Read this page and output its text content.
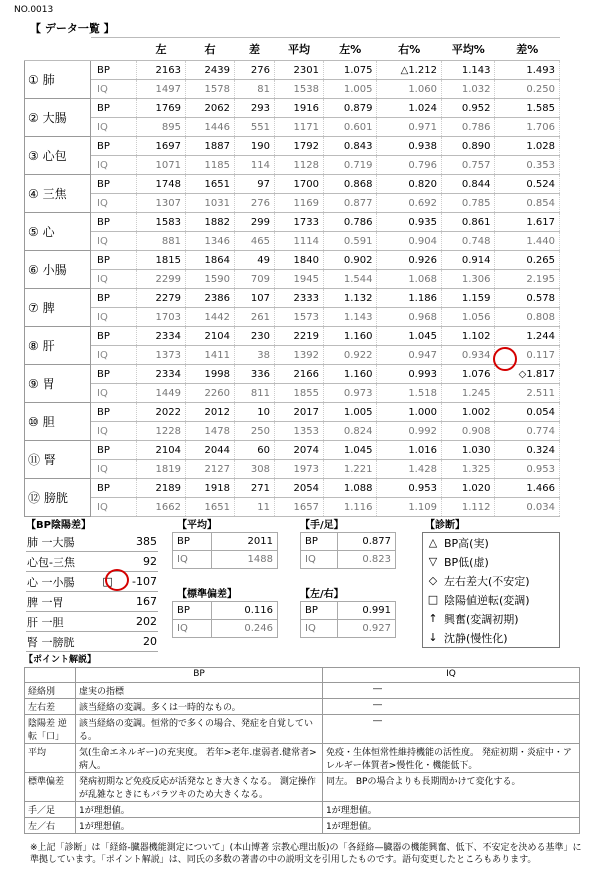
NO.0013
【 データ一覧 】
		左	右	差	平均	左%	右%	平均%	差%
① 肺	BP	2163	2439	276	2301	1.075	△1.212	1.143	1.493
	IQ	1497	1578	81	1538	1.005	1.060	1.032	0.250
② 大腸	BP	1769	2062	293	1916	0.879	1.024	0.952	1.585
	IQ	895	1446	551	1171	0.601	0.971	0.786	1.706
③ 心包	BP	1697	1887	190	1792	0.843	0.938	0.890	1.028
	IQ	1071	1185	114	1128	0.719	0.796	0.757	0.353
④ 三焦	BP	1748	1651	97	1700	0.868	0.820	0.844	0.524
	IQ	1307	1031	276	1169	0.877	0.692	0.785	0.854
⑤ 心	BP	1583	1882	299	1733	0.786	0.935	0.861	1.617
	IQ	881	1346	465	1114	0.591	0.904	0.748	1.440
⑥ 小腸	BP	1815	1864	49	1840	0.902	0.926	0.914	0.265
	IQ	2299	1590	709	1945	1.544	1.068	1.306	2.195
⑦ 脾	BP	2279	2386	107	2333	1.132	1.186	1.159	0.578
	IQ	1703	1442	261	1573	1.143	0.968	1.056	0.808
⑧ 肝	BP	2334	2104	230	2219	1.160	1.045	1.102	1.244
	IQ	1373	1411	38	1392	0.922	0.947	0.934	0.117
⑨ 胃	BP	2334	1998	336	2166	1.160	0.993	1.076	◇1.817
	IQ	1449	2260	811	1855	0.973	1.518	1.245	2.511
⑩ 胆	BP	2022	2012	10	2017	1.005	1.000	1.002	0.054
	IQ	1228	1478	250	1353	0.824	0.992	0.908	0.774
⑪ 腎	BP	2104	2044	60	2074	1.045	1.016	1.030	0.324
	IQ	1819	2127	308	1973	1.221	1.428	1.325	0.953
⑫ 膀胱	BP	2189	1918	271	2054	1.088	0.953	1.020	1.466
	IQ	1662	1651	11	1657	1.116	1.109	1.112	0.034
【BP陰陽差】
肺 一大腸		385
心包-三焦		92
心 一小腸	□	-107
脾 一胃		167
肝 一胆		202
腎 一膀胱		20
【平均】
BP	2011
IQ	1488
【標準偏差】
BP	0.116
IQ	0.246
【手/足】
BP	0.877
IQ	0.823
【左/右】
BP	0.991
IQ	0.927
【診断】
△	BP高(実)
▽	BP低(虚)
◇	左右差大(不安定)
□	陰陽値逆転(変調)
↑	興奮(変調初期)
↓	沈静(慢性化)
【ポイント解説】
	BP	IQ
経絡別	虚実の指標	―
左右差	該当経絡の変調。多くは一時的なもの。	―
陰陽差 逆転「口」	該当経絡の変調。恒常的で多くの場合、発症を自覚している。	―
平均	気(生命エネルギー)の充実度。 若年>老年.虚弱者.健常者>病人。	免疫・生体恒常性維持機能の活性度。 発症初期・炎症中・アレルギー体質者>慢性化・機能低下。
標準偏差	発病初期など免疫反応が活発なとき大きくなる。 測定操作が乱雑なときにもバラツキのため大きくなる。	同左。 BPの場合よりも長期間かけて変化する。
手／足	1が理想値。	1が理想値。
左／右	1が理想値。	1が理想値。
※上記「診断」は「経絡-臓器機能測定について」(本山博著 宗教心理出版)の「各経絡—臓器の機能興奮、低下、不安定を決める基準」に準拠しています。「ポイント解説」は、同氏の多数の著書の中の説明文を引用したものです。語句変更したところもあります。
